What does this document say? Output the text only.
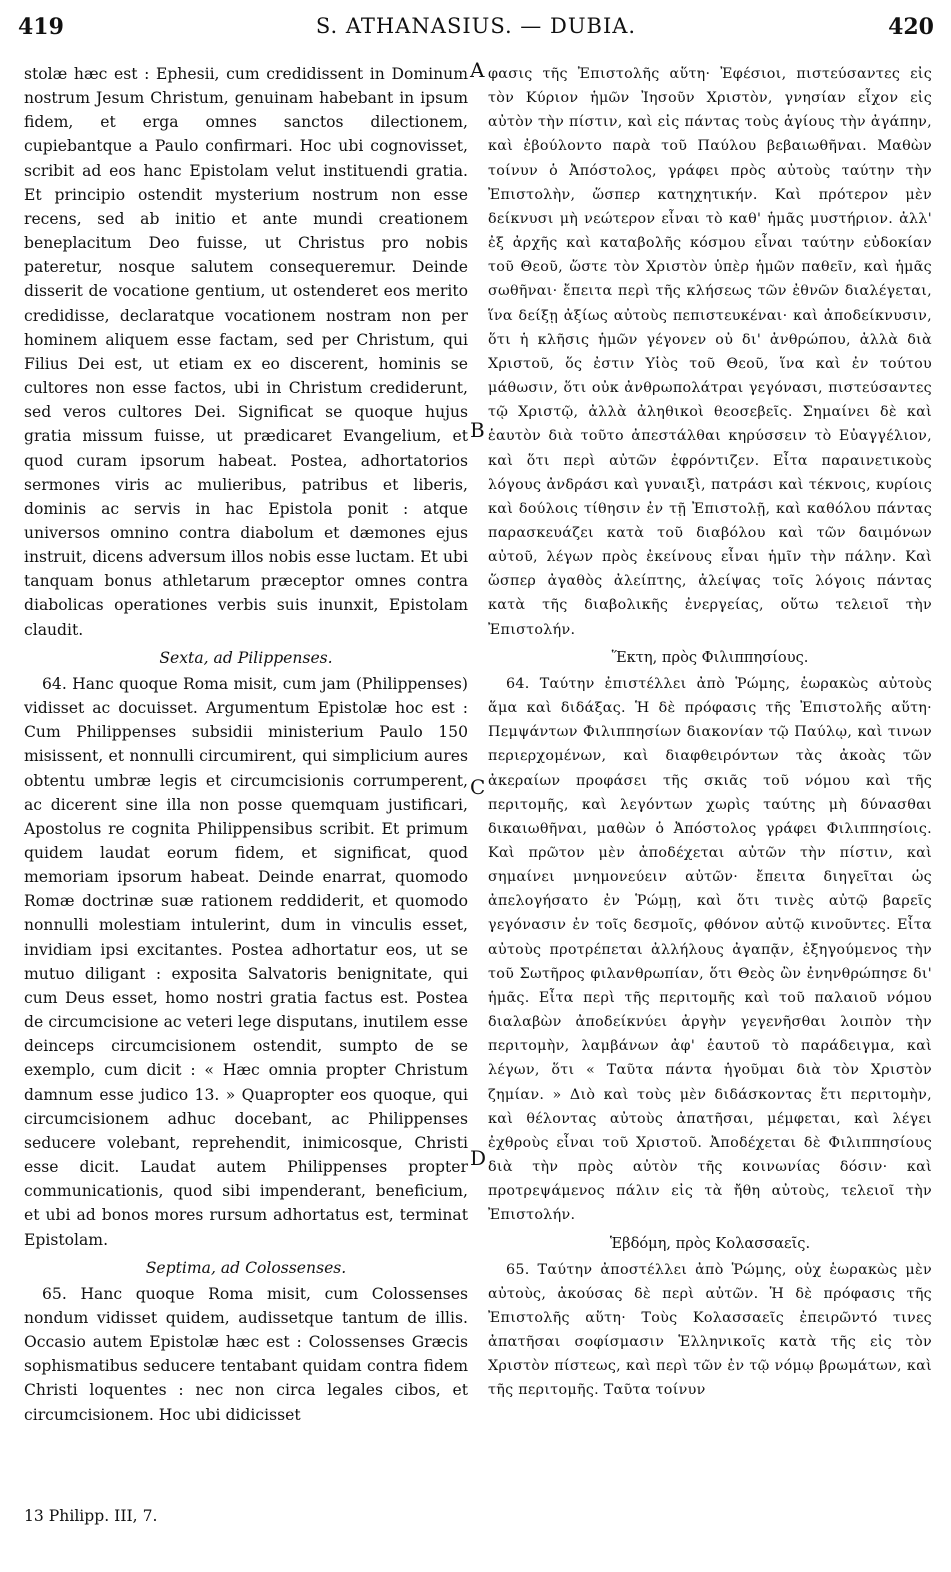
419	S. ATHANASIUS. — DUBIA.	420

stolæ hæc est : Ephesii, cum credidissent in Dominum nostrum Jesum Christum, genuinam habebant in ipsum fidem, et erga omnes sanctos dilectionem, cupiebantque a Paulo confirmari. Hoc ubi cognovisset, scribit ad eos hanc Epistolam velut instituendi gratia. Et principio ostendit mysterium nostrum non esse recens, sed ab initio et ante mundi creationem beneplacitum Deo fuisse, ut Christus pro nobis pateretur, nosque salutem consequeremur. Deinde disserit de vocatione gentium, ut ostenderet eos merito credidisse, declaratque vocationem nostram non per hominem aliquem esse factam, sed per Christum, qui Filius Dei est, ut etiam ex eo discerent, hominis se cultores non esse factos, ubi in Christum crediderunt, sed veros cultores Dei. Significat se quoque hujus gratia missum fuisse, ut prædicaret Evangelium, et quod curam ipsorum habeat. Postea, adhortatorios sermones viris ac mulieribus, patribus et liberis, dominis ac servis in hac Epistola ponit : atque universos omnino contra diabolum et dæmones ejus instruit, dicens adversum illos nobis esse luctam. Et ubi tanquam bonus athletarum præceptor omnes contra diabolicas operationes verbis suis inunxit, Epistolam claudit.

Sexta, ad Pilippenses.

64. Hanc quoque Roma misit, cum jam (Philippenses) vidisset ac docuisset. Argumentum Epistolæ hoc est : Cum Philippenses subsidii ministerium Paulo 150 misissent, et nonnulli circumirent, qui simplicium aures obtentu umbræ legis et circumcisionis corrumperent, ac dicerent sine illa non posse quemquam justificari, Apostolus re cognita Philippensibus scribit. Et primum quidem laudat eorum fidem, et significat, quod memoriam ipsorum habeat. Deinde enarrat, quomodo Romæ doctrinæ suæ rationem reddiderit, et quomodo nonnulli molestiam intulerint, dum in vinculis esset, invidiam ipsi excitantes. Postea adhortatur eos, ut se mutuo diligant : exposita Salvatoris benignitate, qui cum Deus esset, homo nostri gratia factus est. Postea de circumcisione ac veteri lege disputans, inutilem esse deinceps circumcisionem ostendit, sumpto de se exemplo, cum dicit : « Hæc omnia propter Christum damnum esse judico 13. » Quapropter eos quoque, qui circumcisionem adhuc docebant, ac Philippenses seducere volebant, reprehendit, inimicosque, Christi esse dicit. Laudat autem Philippenses propter communicationis, quod sibi impenderant, beneficium, et ubi ad bonos mores rursum adhortatus est, terminat Epistolam.

Septima, ad Colossenses.

65. Hanc quoque Roma misit, cum Colossenses nondum vidisset quidem, audissetque tantum de illis. Occasio autem Epistolæ hæc est : Colossenses Græcis sophismatibus seducere tentabant quidam contra fidem Christi loquentes : nec non circa legales cibos, et circumcisionem. Hoc ubi didicisset

A
B
C
D

φασις τῆς Ἐπιστολῆς αὕτη· Ἐφέσιοι, πιστεύσαντες εἰς τὸν Κύριον ἡμῶν Ἰησοῦν Χριστὸν, γνησίαν εἶχον εἰς αὐτὸν τὴν πίστιν, καὶ εἰς πάντας τοὺς ἁγίους τὴν ἀγάπην, καὶ ἐβούλοντο παρὰ τοῦ Παύλου βεβαιωθῆναι. Μαθὼν τοίνυν ὁ Ἀπόστολος, γράφει πρὸς αὐτοὺς ταύτην τὴν Ἐπιστολὴν, ὥσπερ κατηχητικήν. Καὶ πρότερον μὲν δείκνυσι μὴ νεώτερον εἶναι τὸ καθ' ἡμᾶς μυστήριον. ἀλλ' ἐξ ἀρχῆς καὶ καταβολῆς κόσμου εἶναι ταύτην εὐδοκίαν τοῦ Θεοῦ, ὥστε τὸν Χριστὸν ὑπὲρ ἡμῶν παθεῖν, καὶ ἡμᾶς σωθῆναι· ἔπειτα περὶ τῆς κλήσεως τῶν ἐθνῶν διαλέγεται, ἵνα δείξῃ ἀξίως αὐτοὺς πεπιστευκέναι· καὶ ἀποδείκνυσιν, ὅτι ἡ κλῆσις ἡμῶν γέγονεν οὐ δι' ἀνθρώπου, ἀλλὰ διὰ Χριστοῦ, ὅς ἐστιν Υἱὸς τοῦ Θεοῦ, ἵνα καὶ ἐν τούτου μάθωσιν, ὅτι οὐκ ἀνθρωπολάτραι γεγόνασι, πιστεύσαντες τῷ Χριστῷ, ἀλλὰ ἀληθικοὶ θεοσεβεῖς. Σημαίνει δὲ καὶ ἑαυτὸν διὰ τοῦτο ἀπεστάλθαι κηρύσσειν τὸ Εὐαγγέλιον, καὶ ὅτι περὶ αὐτῶν ἐφρόντιζεν. Εἶτα παραινετικοὺς λόγους ἀνδράσι καὶ γυναιξὶ, πατράσι καὶ τέκνοις, κυρίοις καὶ δούλοις τίθησιν ἐν τῇ Ἐπιστολῇ, καὶ καθόλου πάντας παρασκευάζει κατὰ τοῦ διαβόλου καὶ τῶν δαιμόνων αὐτοῦ, λέγων πρὸς ἐκείνους εἶναι ἡμῖν τὴν πάλην. Καὶ ὥσπερ ἀγαθὸς ἀλείπτης, ἀλείψας τοῖς λόγοις πάντας κατὰ τῆς διαβολικῆς ἐνεργείας, οὕτω τελειοῖ τὴν Ἐπιστολήν.

Ἕκτη, πρὸς Φιλιππησίους.

64. Ταύτην ἐπιστέλλει ἀπὸ Ῥώμης, ἑωρακὼς αὐτοὺς ἅμα καὶ διδάξας. Ἡ δὲ πρόφασις τῆς Ἐπιστολῆς αὕτη· Πεμψάντων Φιλιππησίων διακονίαν τῷ Παύλῳ, καὶ τινων περιερχομένων, καὶ διαφθειρόντων τὰς ἀκοὰς τῶν ἀκεραίων προφάσει τῆς σκιᾶς τοῦ νόμου καὶ τῆς περιτομῆς, καὶ λεγόντων χωρὶς ταύτης μὴ δύνασθαι δικαιωθῆναι, μαθὼν ὁ Ἀπόστολος γράφει Φιλιππησίοις. Καὶ πρῶτον μὲν ἀποδέχεται αὐτῶν τὴν πίστιν, καὶ σημαίνει μνημονεύειν αὐτῶν· ἔπειτα διηγεῖται ὡς ἀπελογήσατο ἐν Ῥώμῃ, καὶ ὅτι τινὲς αὐτῷ βαρεῖς γεγόνασιν ἐν τοῖς δεσμοῖς, φθόνον αὐτῷ κινοῦντες. Εἶτα αὐτοὺς προτρέπεται ἀλλήλους ἀγαπᾷν, ἐξηγούμενος τὴν τοῦ Σωτῆρος φιλανθρωπίαν, ὅτι Θεὸς ὢν ἐνηνθρώπησε δι' ἡμᾶς. Εἶτα περὶ τῆς περιτομῆς καὶ τοῦ παλαιοῦ νόμου διαλαβὼν ἀποδείκνύει ἀργὴν γεγενῆσθαι λοιπὸν τὴν περιτομὴν, λαμβάνων ἀφ' ἑαυτοῦ τὸ παράδειγμα, καὶ λέγων, ὅτι « Ταῦτα πάντα ἡγοῦμαι διὰ τὸν Χριστὸν ζημίαν. » Διὸ καὶ τοὺς μὲν διδάσκοντας ἔτι περιτομὴν, καὶ θέλοντας αὐτοὺς ἀπατῆσαι, μέμφεται, καὶ λέγει ἐχθροὺς εἶναι τοῦ Χριστοῦ. Ἀποδέχεται δὲ Φιλιππησίους διὰ τὴν πρὸς αὐτὸν τῆς κοινωνίας δόσιν· καὶ προτρεψάμενος πάλιν εἰς τὰ ἤθη αὐτοὺς, τελειοῖ τὴν Ἐπιστολήν.

Ἑβδόμη, πρὸς Κολασσαεῖς.

65. Ταύτην ἀποστέλλει ἀπὸ Ῥώμης, οὐχ ἑωρακὼς μὲν αὐτοὺς, ἀκούσας δὲ περὶ αὐτῶν. Ἡ δὲ πρόφασις τῆς Ἐπιστολῆς αὕτη· Τοὺς Κολασσαεῖς ἐπειρῶντό τινες ἀπατῆσαι σοφίσμασιν Ἑλληνικοῖς κατὰ τῆς εἰς τὸν Χριστὸν πίστεως, καὶ περὶ τῶν ἐν τῷ νόμῳ βρωμάτων, καὶ τῆς περιτομῆς. Ταῦτα τοίνυν

13 Philipp. III, 7.
